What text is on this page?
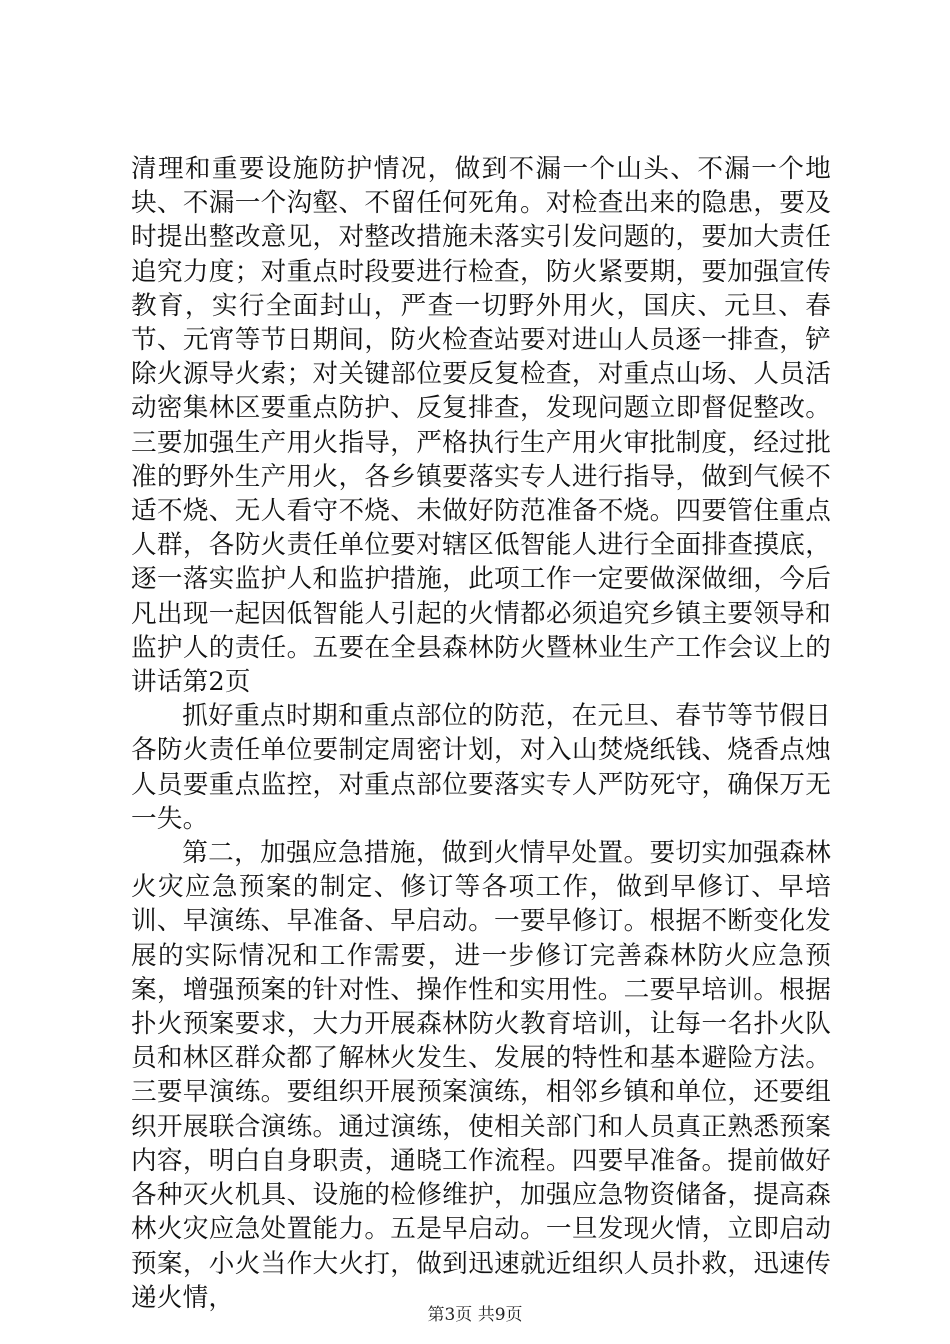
清理和重要设施防护情况，做到不漏一个山头、不漏一个地块、不漏一个沟壑、不留任何死角。对检查出来的隐患，要及时提出整改意见，对整改措施未落实引发问题的，要加大责任追究力度；对重点时段要进行检查，防火紧要期，要加强宣传教育，实行全面封山，严查一切野外用火，国庆、元旦、春节、元宵等节日期间，防火检查站要对进山人员逐一排查，铲除火源导火索；对关键部位要反复检查，对重点山场、人员活动密集林区要重点防护、反复排查，发现问题立即督促整改。三要加强生产用火指导，严格执行生产用火审批制度，经过批准的野外生产用火，各乡镇要落实专人进行指导，做到气候不适不烧、无人看守不烧、未做好防范准备不烧。四要管住重点人群，各防火责任单位要对辖区低智能人进行全面排查摸底，逐一落实监护人和监护措施，此项工作一定要做深做细，今后凡出现一起因低智能人引起的火情都必须追究乡镇主要领导和监护人的责任。五要在全县森林防火暨林业生产工作会议上的讲话第2页

抓好重点时期和重点部位的防范，在元旦、春节等节假日各防火责任单位要制定周密计划，对入山焚烧纸钱、烧香点烛人员要重点监控，对重点部位要落实专人严防死守，确保万无一失。

第二，加强应急措施，做到火情早处置。要切实加强森林火灾应急预案的制定、修订等各项工作，做到早修订、早培训、早演练、早准备、早启动。一要早修订。根据不断变化发展的实际情况和工作需要，进一步修订完善森林防火应急预案，增强预案的针对性、操作性和实用性。二要早培训。根据扑火预案要求，大力开展森林防火教育培训，让每一名扑火队员和林区群众都了解林火发生、发展的特性和基本避险方法。三要早演练。要组织开展预案演练，相邻乡镇和单位，还要组织开展联合演练。通过演练，使相关部门和人员真正熟悉预案内容，明白自身职责，通晓工作流程。四要早准备。提前做好各种灭火机具、设施的检修维护，加强应急物资储备，提高森林火灾应急处置能力。五是早启动。一旦发现火情，立即启动预案，小火当作大火打，做到迅速就近组织人员扑救，迅速传递火情，

第3页 共9页
